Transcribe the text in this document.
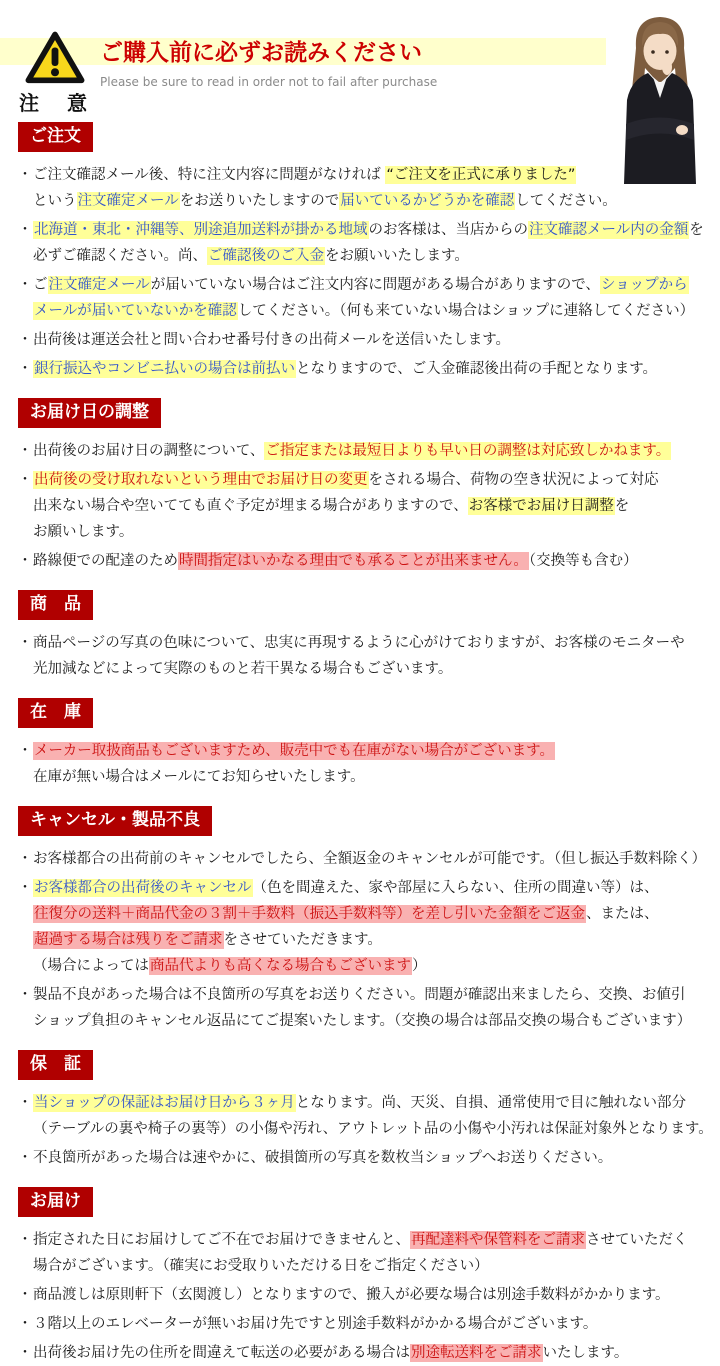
注　意
ご購入前に必ずお読みください
Please be sure to read in order not to fail after purchase
ご注文
・ ご注文確認メール後、特に注文内容に問題がなければ “ご注文を正式に承りました”
という注文確定メールをお送りいたしますので届いているかどうかを確認してください。
・ 北海道・東北・沖縄等、別途追加送料が掛かる地域のお客様は、当店からの注文確認メール内の金額を
必ずご確認ください。尚、ご確認後のご入金をお願いいたします。
・ ご注文確定メールが届いていない場合はご注文内容に問題がある場合がありますので、ショップから
メールが届いていないかを確認してください。（何も来ていない場合はショップに連絡してください）
・ 出荷後は運送会社と問い合わせ番号付きの出荷メールを送信いたします。
・ 銀行振込やコンビニ払いの場合は前払いとなりますので、ご入金確認後出荷の手配となります。
お届け日の調整
・ 出荷後のお届け日の調整について、ご指定または最短日よりも早い日の調整は対応致しかねます。
・ 出荷後の受け取れないという理由でお届け日の変更をされる場合、荷物の空き状況によって対応
出来ない場合や空いてても直ぐ予定が埋まる場合がありますので、お客様でお届け日調整を
お願いします。
・ 路線便での配達のため時間指定はいかなる理由でも承ることが出来ません。（交換等も含む）
商　品
・ 商品ページの写真の色味について、忠実に再現するように心がけておりますが、お客様のモニターや
光加減などによって実際のものと若干異なる場合もございます。
在　庫
・ メーカー取扱商品もございますため、販売中でも在庫がない場合がございます。
在庫が無い場合はメールにてお知らせいたします。
キャンセル・製品不良
・ お客様都合の出荷前のキャンセルでしたら、全額返金のキャンセルが可能です。（但し振込手数料除く）
・ お客様都合の出荷後のキャンセル（色を間違えた、家や部屋に入らない、住所の間違い等）は、
往復分の送料＋商品代金の３割＋手数料（振込手数料等）を差し引いた金額をご返金、または、
超過する場合は残りをご請求をさせていただきます。
（場合によっては商品代よりも高くなる場合もございます）
・ 製品不良があった場合は不良箇所の写真をお送りください。問題が確認出来ましたら、交換、お値引
ショップ負担のキャンセル返品にてご提案いたします。（交換の場合は部品交換の場合もございます）
保　証
・ 当ショップの保証はお届け日から３ヶ月となります。尚、天災、自損、通常使用で目に触れない部分
（テーブルの裏や椅子の裏等）の小傷や汚れ、アウトレット品の小傷や小汚れは保証対象外となります。
・ 不良箇所があった場合は速やかに、破損箇所の写真を数枚当ショップへお送りください。
お届け
・ 指定された日にお届けしてご不在でお届けできませんと、再配達料や保管料をご請求させていただく
場合がございます。（確実にお受取りいただける日をご指定ください）
・ 商品渡しは原則軒下（玄関渡し）となりますので、搬入が必要な場合は別途手数料がかかります。
・ ３階以上のエレベーターが無いお届け先ですと別途手数料がかかる場合がございます。
・ 出荷後お届け先の住所を間違えて転送の必要がある場合は別途転送料をご請求いたします。
